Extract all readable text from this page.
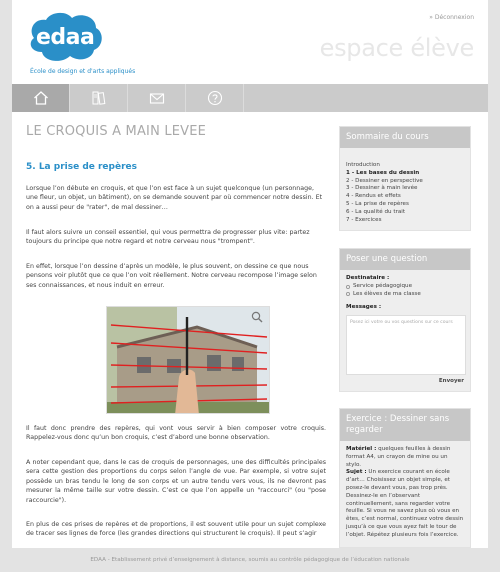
edaa
École de design et d'arts appliqués
» Déconnexion
espace élève
LE CROQUIS A MAIN LEVEE
5. La prise de repères

Lorsque l’on débute en croquis, et que l’on est face à un sujet quelconque (un personnage, une fleur, un objet, un bâtiment), on se demande souvent par où commencer notre dessin. Et on a aussi peur de "rater", de mal dessiner…

Il faut alors suivre un conseil essentiel, qui vous permettra de progresser plus vite: partez toujours du principe que notre regard et notre cerveau nous "trompent".

En effet, lorsque l’on dessine d’après un modèle, le plus souvent, on dessine ce que nous pensons voir plutôt que ce que l’on voit réellement. Notre cerveau recompose l’image selon ses connaissances, et nous induit en erreur.

Il faut donc prendre des repères, qui vont vous servir à bien composer votre croquis. Rappelez-vous donc qu’un bon croquis, c’est d’abord une bonne observation.

A noter cependant que, dans le cas de croquis de personnages, une des difficultés principales sera cette gestion des proportions du corps selon l’angle de vue. Par exemple, si votre sujet possède un bras tendu le long de son corps et un autre tendu vers vous, ils ne devront pas mesurer la même taille sur votre dessin. C’est ce que l’on appelle un "raccourci" (ou "pose raccourcie").

En plus de ces prises de repères et de proportions, il est souvent utile pour un sujet complexe de tracer ses lignes de force (les grandes directions qui structurent le croquis). Il peut s’agir

Sommaire du cours
Introduction
1 - Les bases du dessin
2 - Dessiner en perspective
3 - Dessiner à main levée
4 - Rendus et effets
5 - La prise de repères
6 - La qualité du trait
7 - Exercices
Poser une question
Destinataire :
Service pédagogique
Les élèves de ma classe
Messages :
Posez ici votre ou vos questions sur ce cours
Envoyer
Exercice : Dessiner sans regarder
Matériel : quelques feuilles à dessin format A4, un crayon de mine ou un stylo.
Sujet : Un exercice courant en école d’art… Choisissez un objet simple, et posez-le devant vous, pas trop près. Dessinez-le en l’observant continuellement, sans regarder votre feuille. Si vous ne savez plus où vous en êtes, c’est normal, continuez votre dessin jusqu’à ce que vous ayez fait le tour de l’objet. Répétez plusieurs fois l’exercice.
EDAA - Etablissement privé d’enseignement à distance, soumis au contrôle pédagogique de l’éducation nationale
